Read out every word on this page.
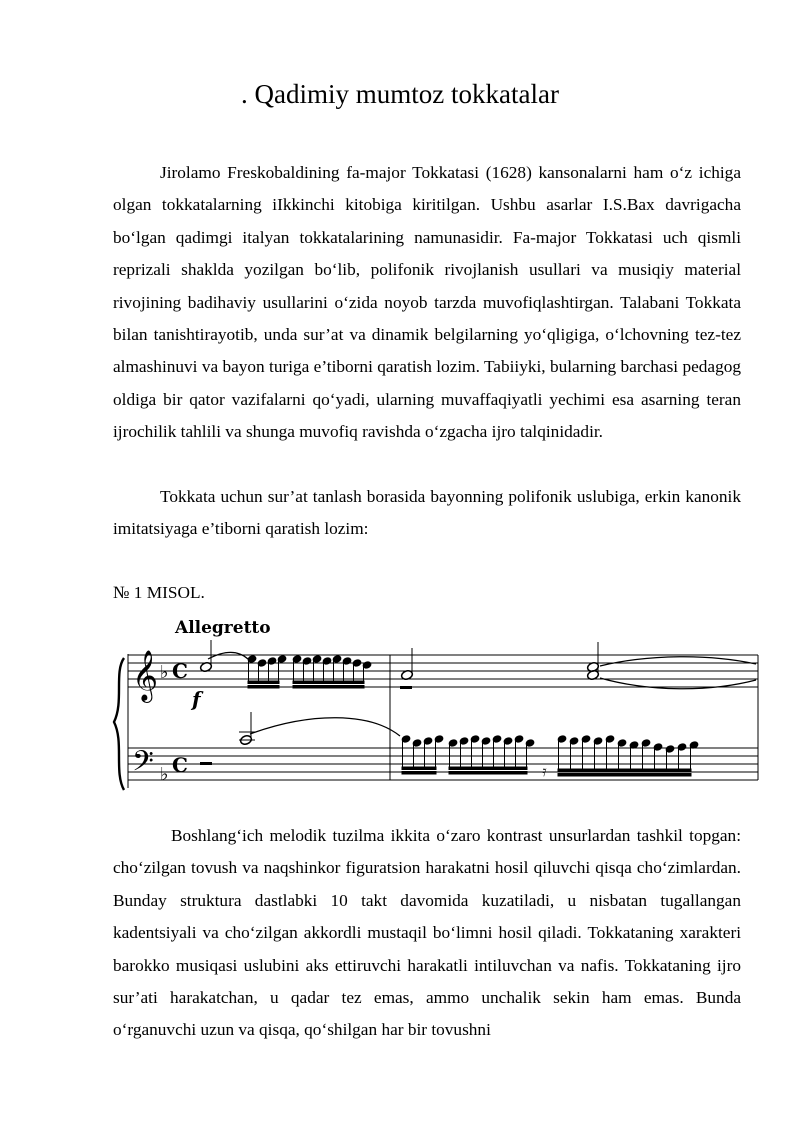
. Qadimiy mumtoz tokkatalar

Jirolamo Freskobaldining fa-major Tokkatasi (1628) kansonalarni ham o‘z ichiga olgan tokkatalarning iIkkinchi kitobiga kiritilgan. Ushbu asarlar I.S.Bax davrigacha bo‘lgan qadimgi italyan tokkatalarining namunasidir. Fa-major Tokkatasi uch qismli reprizali shaklda yozilgan bo‘lib, polifonik rivojlanish usullari va musiqiy material rivojining badihaviy usullarini o‘zida noyob tarzda muvofiqlashtirgan. Talabani Tokkata bilan tanishtirayotib, unda sur’at va dinamik belgilarning yo‘qligiga, o‘lchovning tez-tez almashinuvi va bayon turiga e’tiborni qaratish lozim. Tabiiyki, bularning barchasi pedagog oldiga bir qator vazifalarni qo‘yadi, ularning muvaffaqiyatli yechimi esa asarning teran ijrochilik tahlili va shunga muvofiq ravishda o‘zgacha ijro talqinidadir.

Tokkata uchun sur’at tanlash borasida bayonning polifonik uslubiga, erkin kanonik imitatsiyaga e’tiborni qaratish lozim:

№ 1 MISOL.
Allegretto
𝄞
𝄢
♭
♭
C
C
f
𝄿

Boshlang‘ich melodik tuzilma ikkita o‘zaro kontrast unsurlardan tashkil topgan: cho‘zilgan tovush va naqshinkor figuratsion harakatni hosil qiluvchi qisqa cho‘zimlardan. Bunday struktura dastlabki 10 takt davomida kuzatiladi, u nisbatan tugallangan kadentsiyali va cho‘zilgan akkordli mustaqil bo‘limni hosil qiladi. Tokkataning xarakteri barokko musiqasi uslubini aks ettiruvchi harakatli intiluvchan va nafis. Tokkataning ijro sur’ati harakatchan, u qadar tez emas, ammo unchalik sekin ham emas. Bunda o‘rganuvchi uzun va qisqa, qo‘shilgan har bir tovushni
